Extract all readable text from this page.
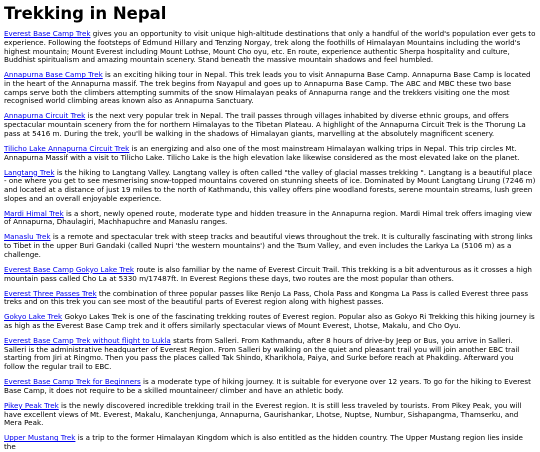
Trekking in Nepal

Everest Base Camp Trek gives you an opportunity to visit unique high-altitude destinations that only a handful of the world's population ever gets to experience. Following the footsteps of Edmund Hillary and Tenzing Norgay, trek along the foothills of Himalayan Mountains including the world's highest mountain; Mount Everest including Mount Lothse, Mount Cho oyu, etc. En route, experience authentic Sherpa hospitality and culture, Buddhist spiritualism and amazing mountain scenery. Stand beneath the massive mountain shadows and feel humbled.

Annapurna Base Camp Trek is an exciting hiking tour in Nepal. This trek leads you to visit Annapurna Base Camp. Annapurna Base Camp is located in the heart of the Annapurna massif. The trek begins from Nayapul and goes up to Annapurna Base Camp. The ABC and MBC these two base camps serve both the climbers attempting summits of the snow Himalayan peaks of Annapurna range and the trekkers visiting one the most recognised world climbing areas known also as Annapurna Sanctuary.

Annapurna Circuit Trek is the next very popular trek in Nepal. The trail passes through villages inhabited by diverse ethnic groups, and offers spectacular mountain scenery from the for northern Himalayas to the Tibetan Plateau. A highlight of the Annapurna Circuit Trek is the Thorung La pass at 5416 m. During the trek, you'll be walking in the shadows of Himalayan giants, marvelling at the absolutely magnificent scenery.

Tilicho Lake Annapurna Circuit Trek is an energizing and also one of the most mainstream Himalayan walking trips in Nepal. This trip circles Mt. Annapurna Massif with a visit to Tilicho Lake. Tilicho Lake is the high elevation lake likewise considered as the most elevated lake on the planet.

Langtang Trek is the hiking to Langtang Valley. Langtang valley is often called "the valley of glacial masses trekking ". Langtang is a beautiful place - one where you get to see mesmerising snow-topped mountains covered on stunning sheets of ice. Dominated by Mount Langtang Lirung (7246 m) and located at a distance of just 19 miles to the north of Kathmandu, this valley offers pine woodland forests, serene mountain streams, lush green slopes and an overall enjoyable experience.

Mardi Himal Trek is a short, newly opened route, moderate type and hidden treasure in the Annapurna region. Mardi Himal trek offers imaging view of Annapurna, Dhaulagiri, Machhapuchre and Manaslu ranges.

Manaslu Trek is a remote and spectacular trek with steep tracks and beautiful views throughout the trek. It is culturally fascinating with strong links to Tibet in the upper Buri Gandaki (called Nupri 'the western mountains') and the Tsum Valley, and even includes the Larkya La (5106 m) as a challenge.

Everest Base Camp Gokyo Lake Trek route is also familiar by the name of Everest Circuit Trail. This trekking is a bit adventurous as it crosses a high mountain pass called Cho La at 5330 m/17487ft. In Everest Regions these days, two routes are the most popular than others.

Everest Three Passes Trek the combination of three popular passes like Renjo La Pass, Chola Pass and Kongma La Pass is called Everest three pass treks and on this trek you can see most of the beautiful parts of Everest region along with highest passes.

Gokyo Lake Trek Gokyo Lakes Trek is one of the fascinating trekking routes of Everest region. Popular also as Gokyo Ri Trekking this hiking journey is as high as the Everest Base Camp trek and it offers similarly spectacular views of Mount Everest, Lhotse, Makalu, and Cho Oyu.

Everest Base Camp Trek without flight to Lukla starts from Salleri. From Kathmandu, after 8 hours of drive-by Jeep or Bus, you arrive in Salleri. Salleri is the administrative headquarter of Everest Region. From Salleri by walking on the quiet and pleasant trail you will join another EBC trail starting from Jiri at Ringmo. Then you pass the places called Tak Shindo, Kharikhola, Paiya, and Surke before reach at Phakding. Afterward you follow the regular trail to EBC.

Everest Base Camp Trek for Beginners is a moderate type of hiking journey. It is suitable for everyone over 12 years. To go for the hiking to Everest Base Camp, it does not require to be a skilled mountaineer/ climber and have an athletic body.

Pikey Peak Trek is the newly discovered incredible trekking trail in the Everest region. It is still less traveled by tourists. From Pikey Peak, you will have excellent views of Mt. Everest, Makalu, Kanchenjunga, Annapurna, Gaurishankar, Lhotse, Nuptse, Numbur, Sishapangma, Thamserku, and Mera Peak.

Upper Mustang Trek is a trip to the former Himalayan Kingdom which is also entitled as the hidden country. The Upper Mustang region lies inside the
